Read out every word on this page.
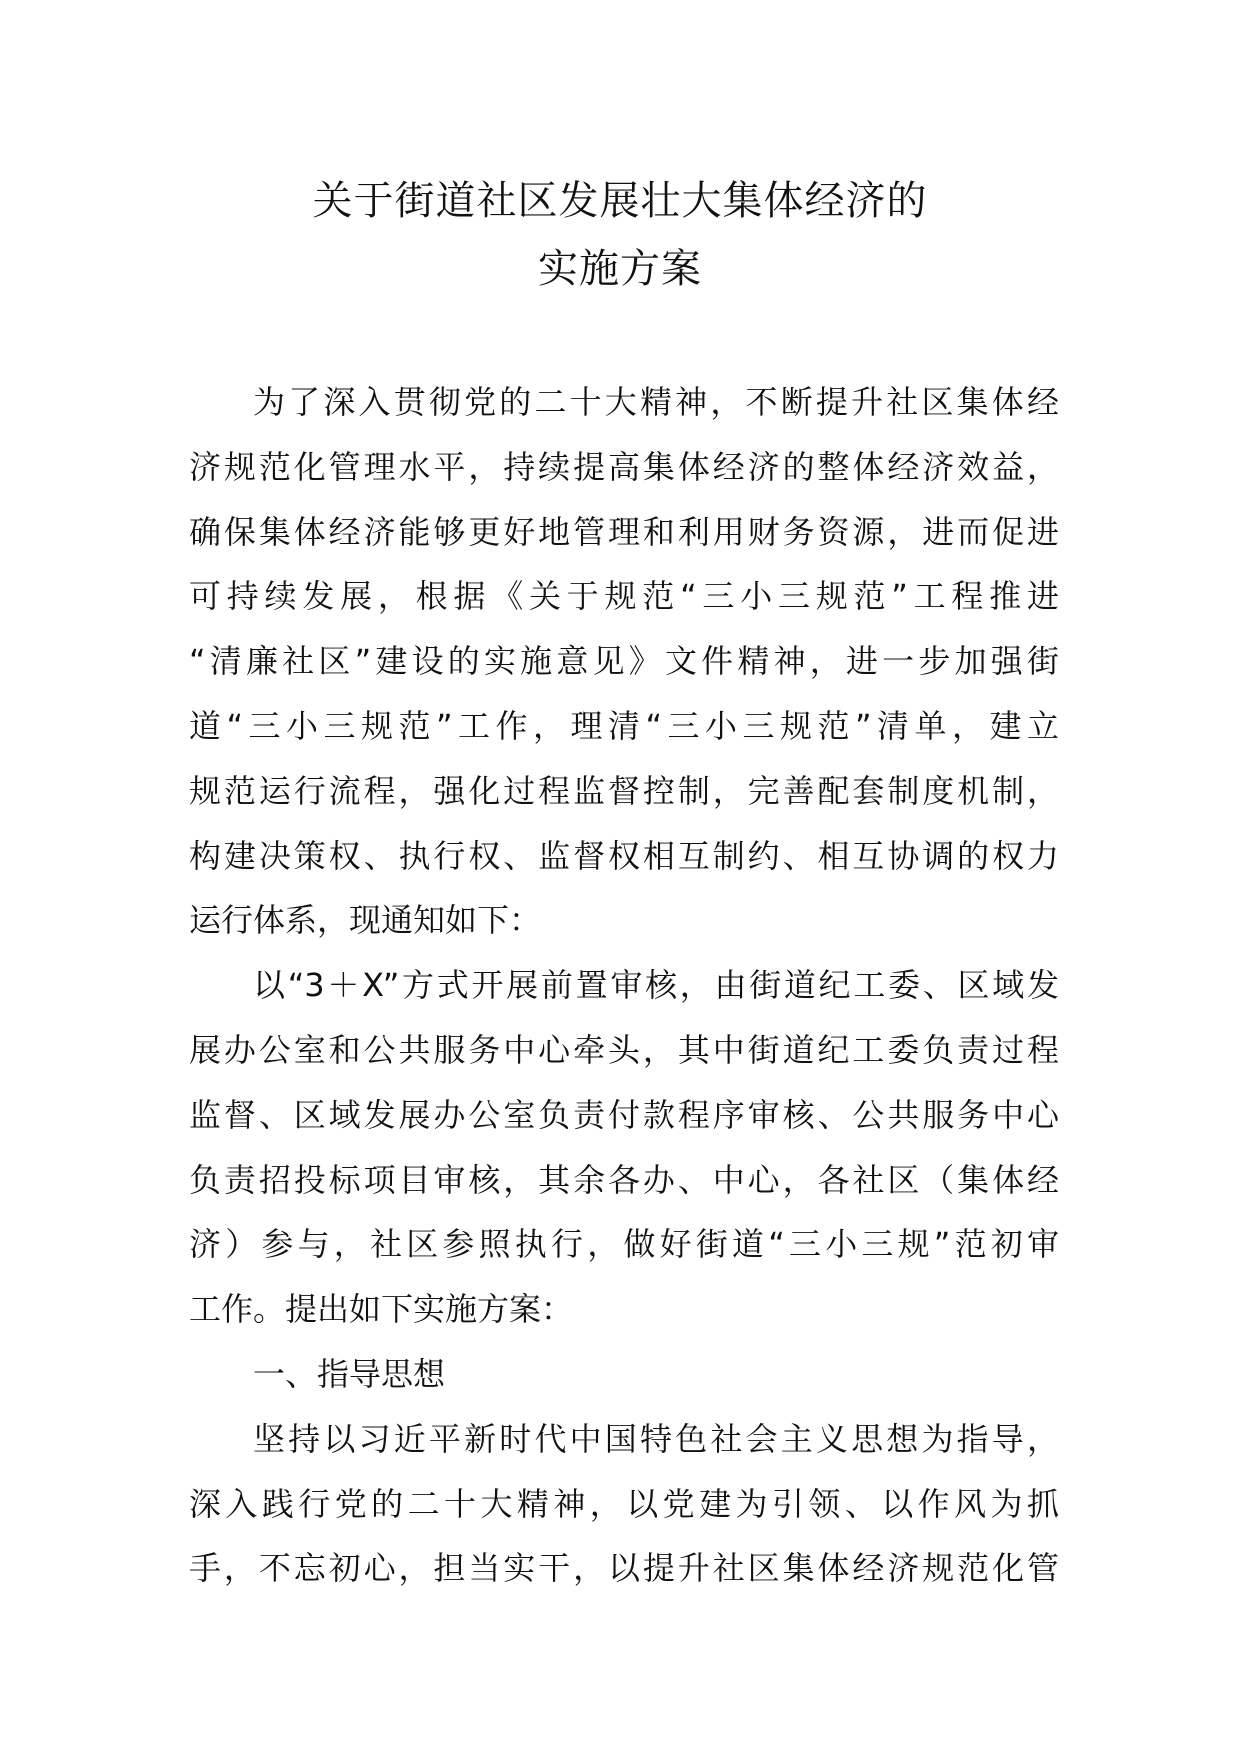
关于街道社区发展壮大集体经济的
实施方案
为了深入贯彻党的二十大精神，不断提升社区集体经
济规范化管理水平，持续提高集体经济的整体经济效益，
确保集体经济能够更好地管理和利用财务资源，进而促进
可持续发展，根据《关于规范“三小三规范”工程推进
“清廉社区”建设的实施意见》文件精神，进一步加强街
道“三小三规范”工作，理清“三小三规范”清单，建立
规范运行流程，强化过程监督控制，完善配套制度机制，
构建决策权、执行权、监督权相互制约、相互协调的权力
运行体系，现通知如下：
以“3＋X”方式开展前置审核，由街道纪工委、区域发
展办公室和公共服务中心牵头，其中街道纪工委负责过程
监督、区域发展办公室负责付款程序审核、公共服务中心
负责招投标项目审核，其余各办、中心，各社区（集体经
济）参与，社区参照执行，做好街道“三小三规”范初审
工作。提出如下实施方案：
一、指导思想
坚持以习近平新时代中国特色社会主义思想为指导，
深入践行党的二十大精神，以党建为引领、以作风为抓
手，不忘初心，担当实干，以提升社区集体经济规范化管
